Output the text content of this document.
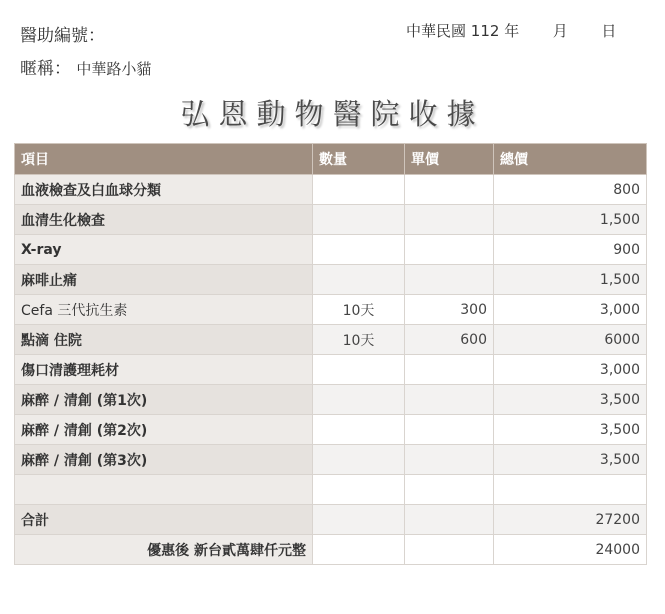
醫助編號：
暱稱： 中華路小貓
中華民國 112 年 月 日
弘恩動物醫院收據
項目	數量	單價	總價
血液檢查及白血球分類			800
血清生化檢查			1,500
X-ray			900
麻啡止痛			1,500
Cefa 三代抗生素	10天	300	3,000
點滴 住院	10天	600	6000
傷口清護理耗材			3,000
麻醉 / 清創 (第1次)			3,500
麻醉 / 清創 (第2次)			3,500
麻醉 / 清創 (第3次)			3,500

合計			27200
優惠後 新台貳萬肆仟元整			24000
